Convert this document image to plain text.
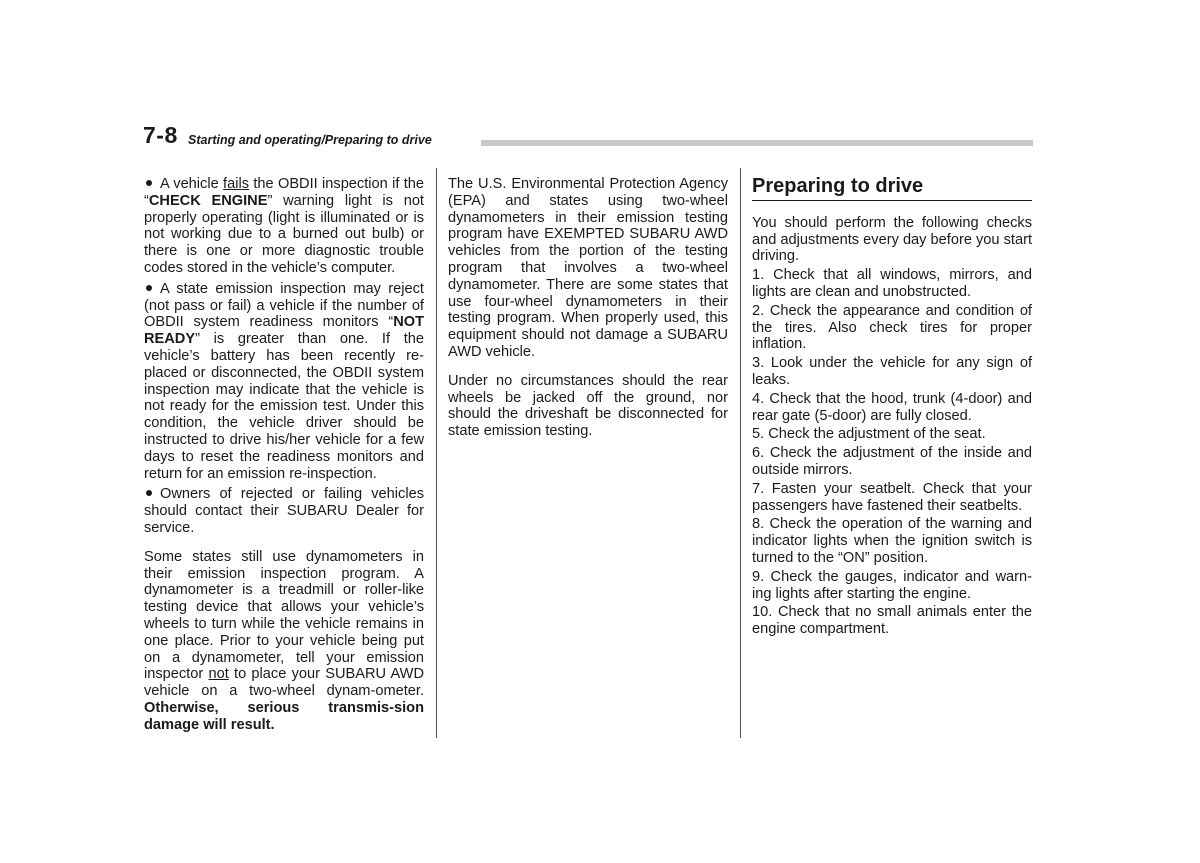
7-8 Starting and operating/Preparing to drive

A vehicle fails the OBDII inspection if the “CHECK ENGINE” warning light is not properly operating (light is illuminated or is not working due to a burned out bulb) or there is one or more diagnostic trouble codes stored in the vehicle’s computer.

A state emission inspection may reject (not pass or fail) a vehicle if the number of OBDII system readiness monitors “NOT READY” is greater than one. If the vehicle’s battery has been recently re-placed or disconnected, the OBDII system inspection may indicate that the vehicle is not ready for the emission test. Under this condition, the vehicle driver should be instructed to drive his/her vehicle for a few days to reset the readiness monitors and return for an emission re-inspection.

Owners of rejected or failing vehicles should contact their SUBARU Dealer for service.

Some states still use dynamometers in their emission inspection program. A dynamometer is a treadmill or roller-like testing device that allows your vehicle’s wheels to turn while the vehicle remains in one place. Prior to your vehicle being put on a dynamometer, tell your emission inspector not to place your SUBARU AWD vehicle on a two-wheel dynam-ometer. Otherwise, serious transmis-sion damage will result.

The U.S. Environmental Protection Agency (EPA) and states using two-wheel dynamometers in their emission testing program have EXEMPTED SUBARU AWD vehicles from the portion of the testing program that involves a two-wheel dynamometer. There are some states that use four-wheel dynamometers in their testing program. When properly used, this equipment should not damage a SUBARU AWD vehicle.

Under no circumstances should the rear wheels be jacked off the ground, nor should the driveshaft be disconnected for state emission testing.

Preparing to drive

You should perform the following checks and adjustments every day before you start driving.

1. Check that all windows, mirrors, and lights are clean and unobstructed.

2. Check the appearance and condition of the tires. Also check tires for proper inflation.

3. Look under the vehicle for any sign of leaks.

4. Check that the hood, trunk (4-door) and rear gate (5-door) are fully closed.

5. Check the adjustment of the seat.

6. Check the adjustment of the inside and outside mirrors.

7. Fasten your seatbelt. Check that your passengers have fastened their seatbelts.

8. Check the operation of the warning and indicator lights when the ignition switch is turned to the “ON” position.

9. Check the gauges, indicator and warn-ing lights after starting the engine.

10. Check that no small animals enter the engine compartment.
